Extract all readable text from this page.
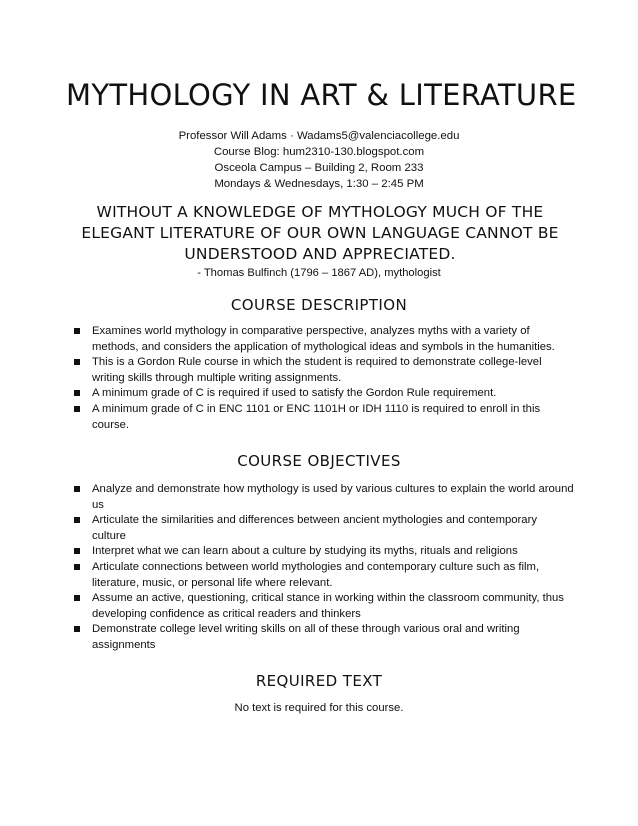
MYTHOLOGY IN ART & LITERATURE
Professor Will Adams · Wadams5@valenciacollege.edu
Course Blog: hum2310-130.blogspot.com
Osceola Campus – Building 2, Room 233
Mondays & Wednesdays, 1:30 – 2:45 PM
WITHOUT A KNOWLEDGE OF MYTHOLOGY MUCH OF THE ELEGANT LITERATURE OF OUR OWN LANGUAGE CANNOT BE UNDERSTOOD AND APPRECIATED.
- Thomas Bulfinch (1796 – 1867 AD), mythologist
COURSE DESCRIPTION
Examines world mythology in comparative perspective, analyzes myths with a variety of methods, and considers the application of mythological ideas and symbols in the humanities.
This is a Gordon Rule course in which the student is required to demonstrate college-level writing skills through multiple writing assignments.
A minimum grade of C is required if used to satisfy the Gordon Rule requirement.
A minimum grade of C in ENC 1101 or ENC 1101H or IDH 1110 is required to enroll in this course.
COURSE OBJECTIVES
Analyze and demonstrate how mythology is used by various cultures to explain the world around us
Articulate the similarities and differences between ancient mythologies and contemporary culture
Interpret what we can learn about a culture by studying its myths, rituals and religions
Articulate connections between world mythologies and contemporary culture such as film, literature, music, or personal life where relevant.
Assume an active, questioning, critical stance in working within the classroom community, thus developing confidence as critical readers and thinkers
Demonstrate college level writing skills on all of these through various oral and writing assignments
REQUIRED TEXT
No text is required for this course.
